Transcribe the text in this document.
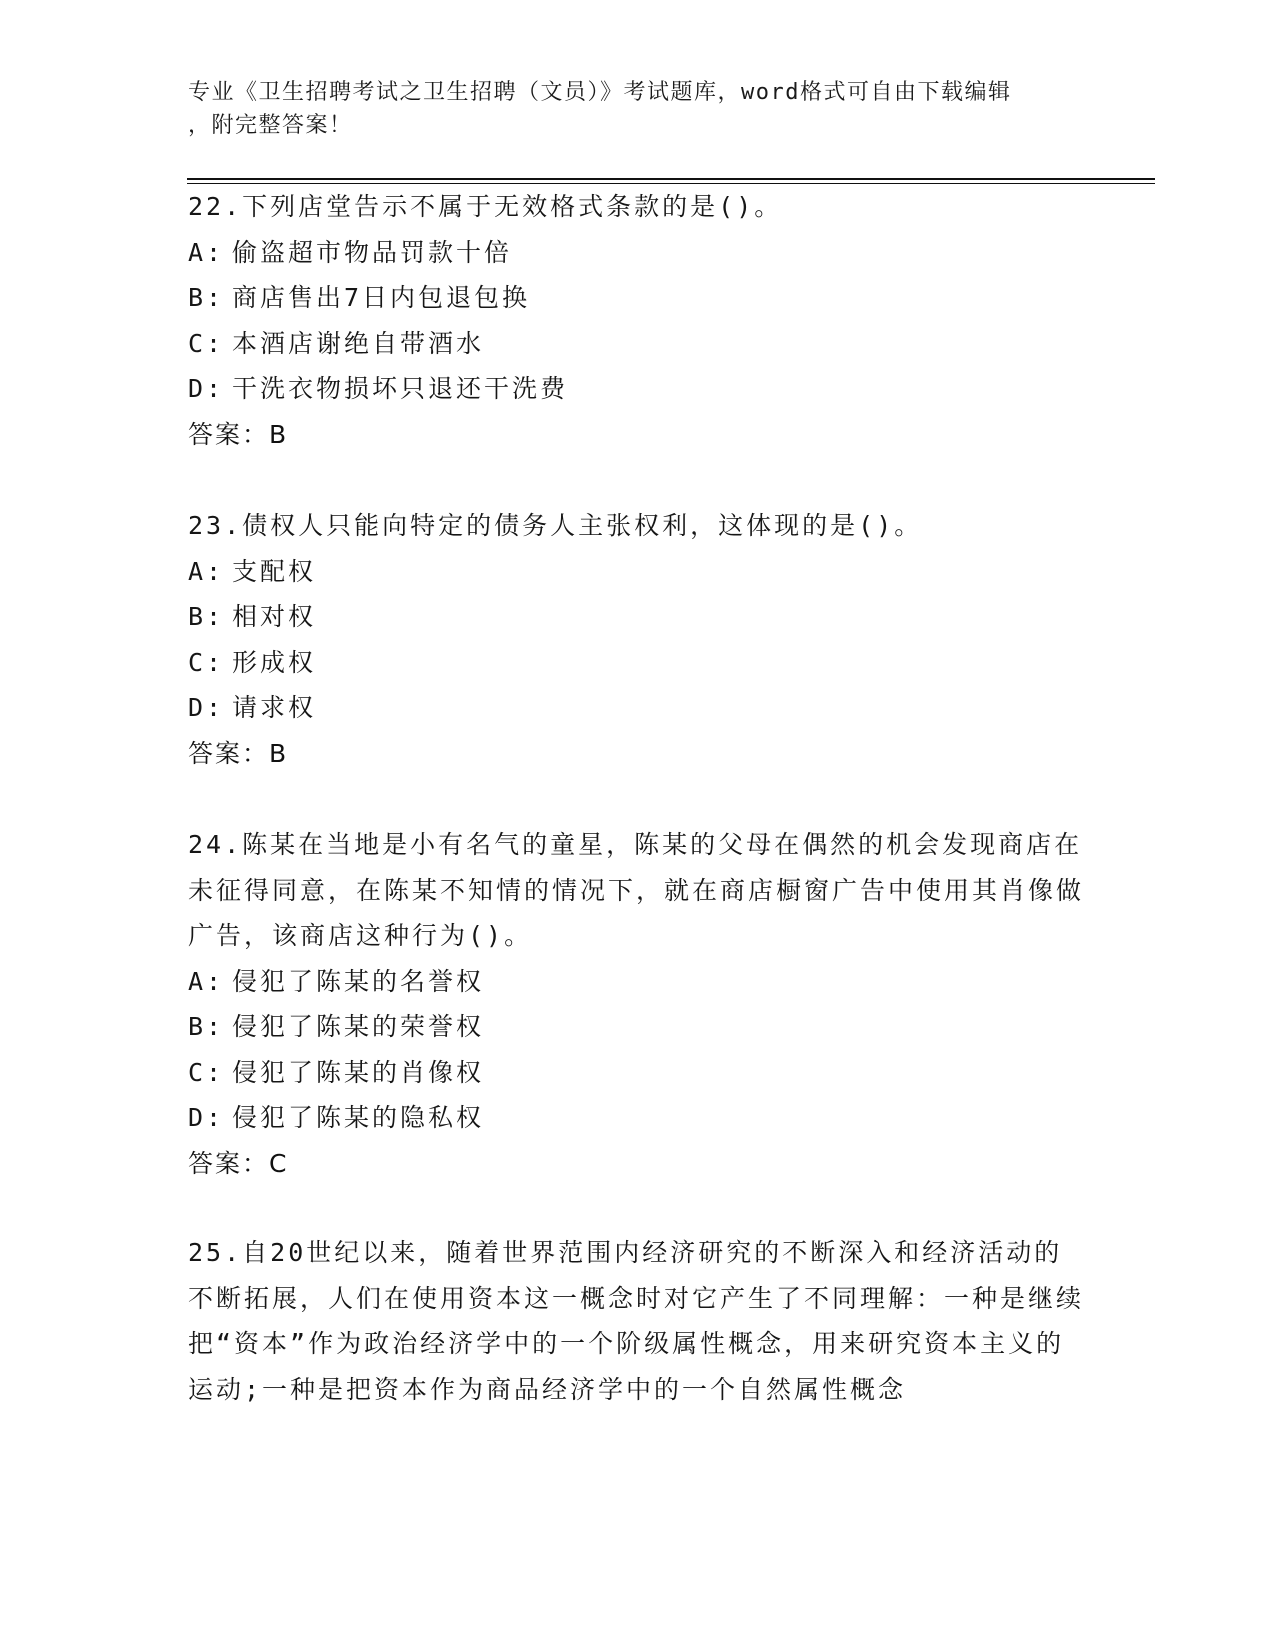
专业《卫生招聘考试之卫生招聘（文员）》考试题库，word格式可自由下载编辑
，附完整答案！

22.下列店堂告示不属于无效格式条款的是()。

A: 偷盗超市物品罚款十倍

B: 商店售出7日内包退包换

C: 本酒店谢绝自带酒水

D: 干洗衣物损坏只退还干洗费

答案：B

23.债权人只能向特定的债务人主张权利，这体现的是()。

A: 支配权

B: 相对权

C: 形成权

D: 请求权

答案：B

24.陈某在当地是小有名气的童星，陈某的父母在偶然的机会发现商店在未征得同意，在陈某不知情的情况下，就在商店橱窗广告中使用其肖像做广告，该商店这种行为()。

A: 侵犯了陈某的名誉权

B: 侵犯了陈某的荣誉权

C: 侵犯了陈某的肖像权

D: 侵犯了陈某的隐私权

答案：C

25.自20世纪以来，随着世界范围内经济研究的不断深入和经济活动的不断拓展，人们在使用资本这一概念时对它产生了不同理解：一种是继续把“资本”作为政治经济学中的一个阶级属性概念，用来研究资本主义的运动;一种是把资本作为商品经济学中的一个自然属性概念
